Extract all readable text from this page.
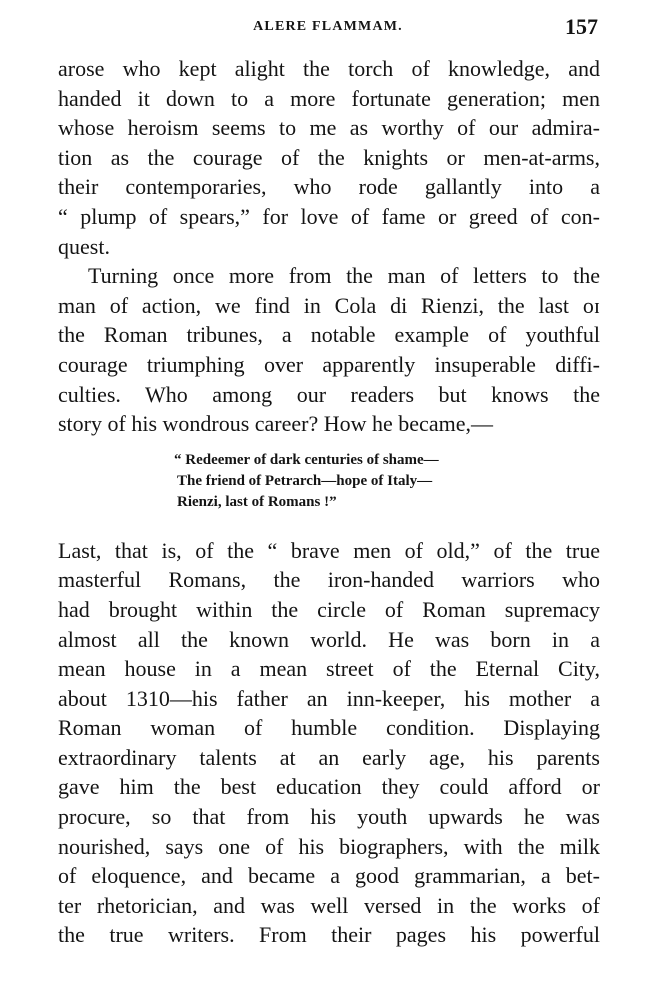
ALERE FLAMMAM.	157

arose who kept alight the torch of knowledge, and
handed it down to a more fortunate generation; men
whose heroism seems to me as worthy of our admira-
tion as the courage of the knights or men-at-arms,
their contemporaries, who rode gallantly into a
“ plump of spears,” for love of fame or greed of con-
quest.

Turning once more from the man of letters to the
man of action, we find in Cola di Rienzi, the last oɪ
the Roman tribunes, a notable example of youthful
courage triumphing over apparently insuperable diffi-
culties. Who among our readers but knows the
story of his wondrous career? How he became,—

“ Redeemer of dark centuries of shame—
The friend of Petrarch—hope of Italy—
Rienzi, last of Romans !”

Last, that is, of the “ brave men of old,” of the true
masterful Romans, the iron-handed warriors who
had brought within the circle of Roman supremacy
almost all the known world. He was born in a
mean house in a mean street of the Eternal City,
about 1310—his father an inn-keeper, his mother a
Roman woman of humble condition. Displaying
extraordinary talents at an early age, his parents
gave him the best education they could afford or
procure, so that from his youth upwards he was
nourished, says one of his biographers, with the milk
of eloquence, and became a good grammarian, a bet-
ter rhetorician, and was well versed in the works of
the true writers. From their pages his powerful
